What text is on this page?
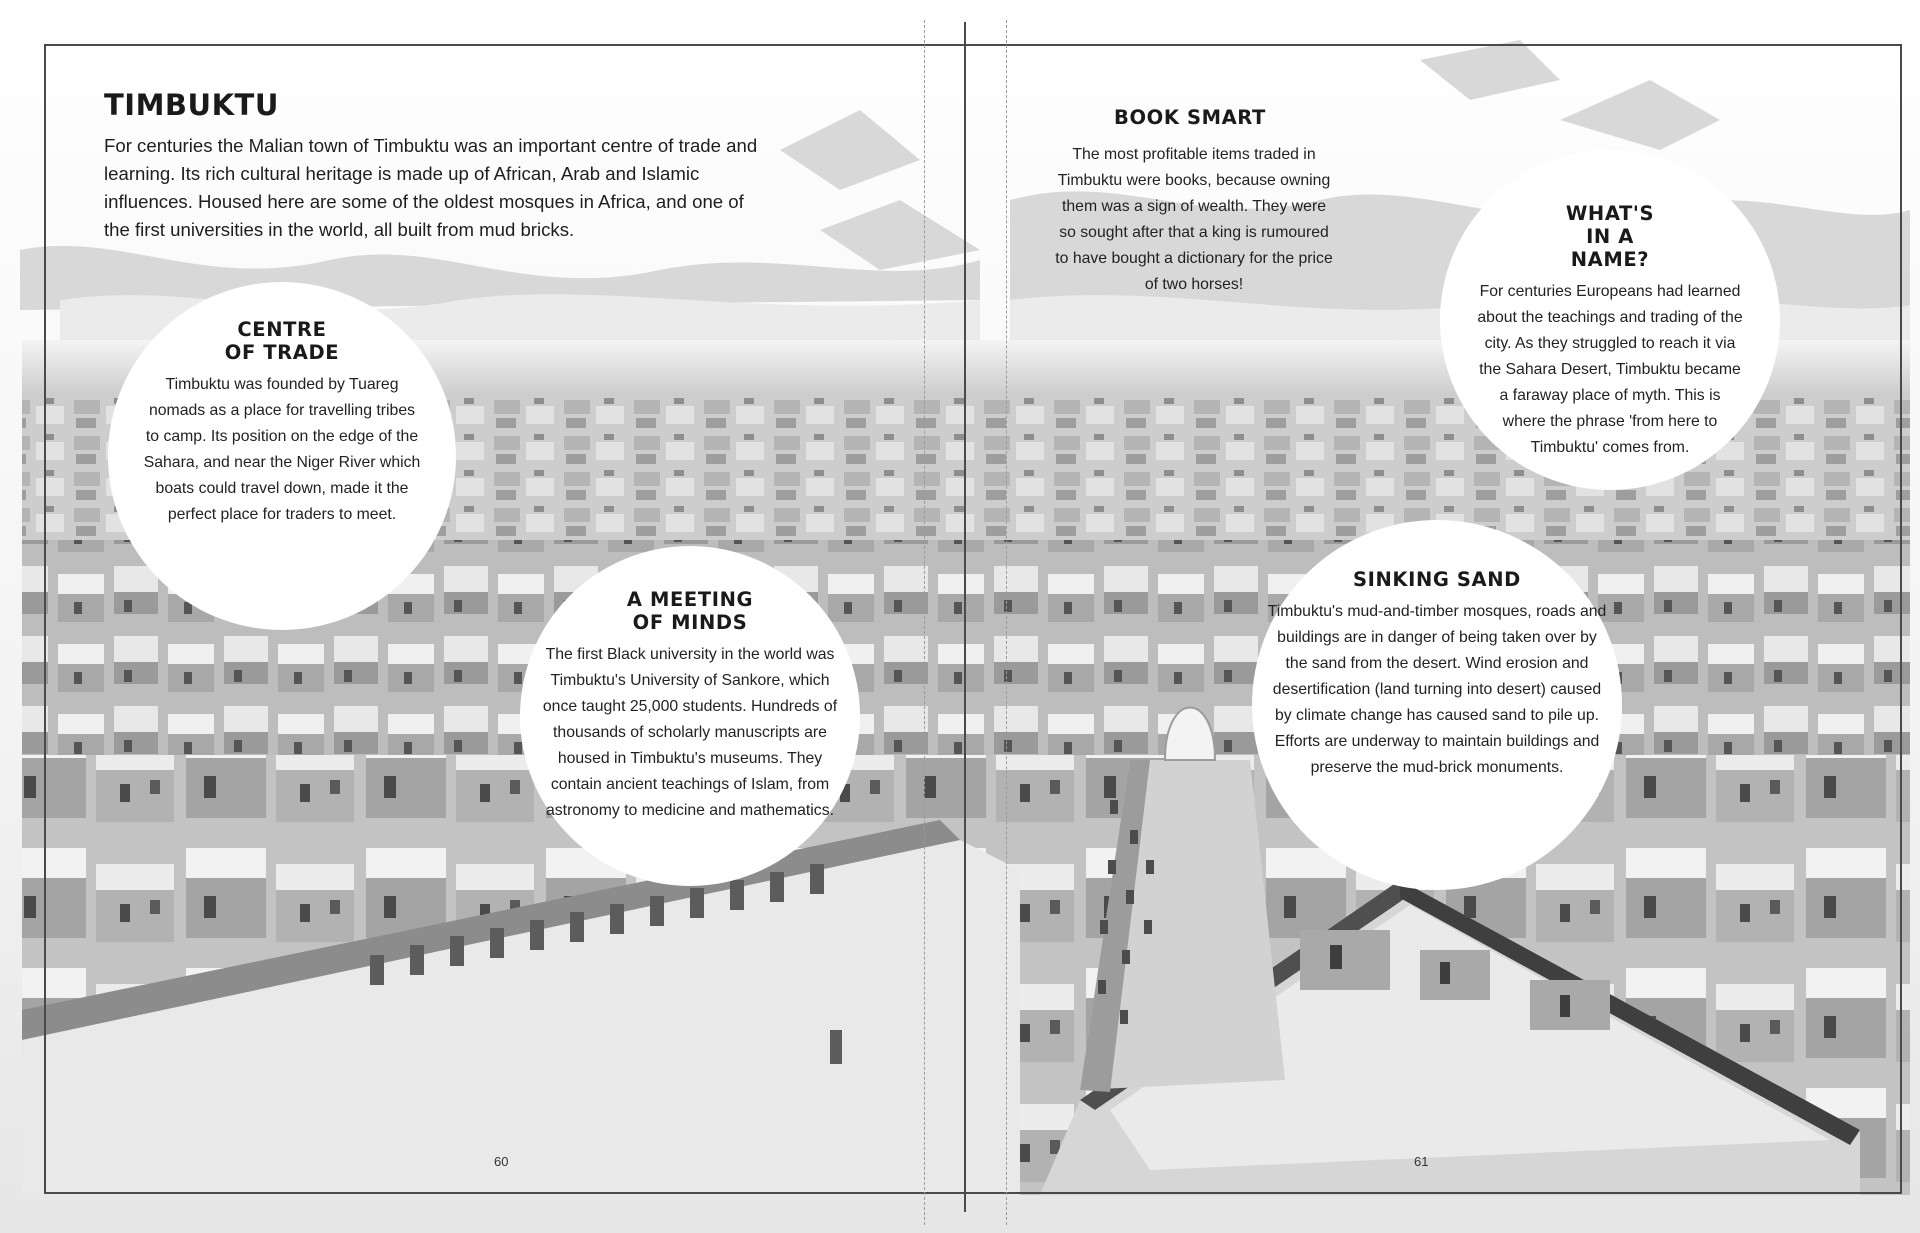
TIMBUKTU

For centuries the Malian town of Timbuktu was an important centre of trade and learning. Its rich cultural heritage is made up of African, Arab and Islamic influences. Housed here are some of the oldest mosques in Africa, and one of the first universities in the world, all built from mud bricks.

CENTRE OF TRADE

Timbuktu was founded by Tuareg nomads as a place for travelling tribes to camp. Its position on the edge of the Sahara, and near the Niger River which boats could travel down, made it the perfect place for traders to meet.

A MEETING OF MINDS

The first Black university in the world was Timbuktu's University of Sankore, which once taught 25,000 students. Hundreds of thousands of scholarly manuscripts are housed in Timbuktu's museums. They contain ancient teachings of Islam, from astronomy to medicine and mathematics.

BOOK SMART
The most profitable items traded in Timbuktu were books, because owning them was a sign of wealth. They were so sought after that a king is rumoured to have bought a dictionary for the price of two horses!
WHAT'S IN A NAME?

For centuries Europeans had learned about the teachings and trading of the city. As they struggled to reach it via the Sahara Desert, Timbuktu became a faraway place of myth. This is where the phrase 'from here to Timbuktu' comes from.

SINKING SAND

Timbuktu's mud-and-timber mosques, roads and buildings are in danger of being taken over by the sand from the desert. Wind erosion and desertification (land turning into desert) caused by climate change has caused sand to pile up. Efforts are underway to maintain buildings and preserve the mud-brick monuments.

60	61
